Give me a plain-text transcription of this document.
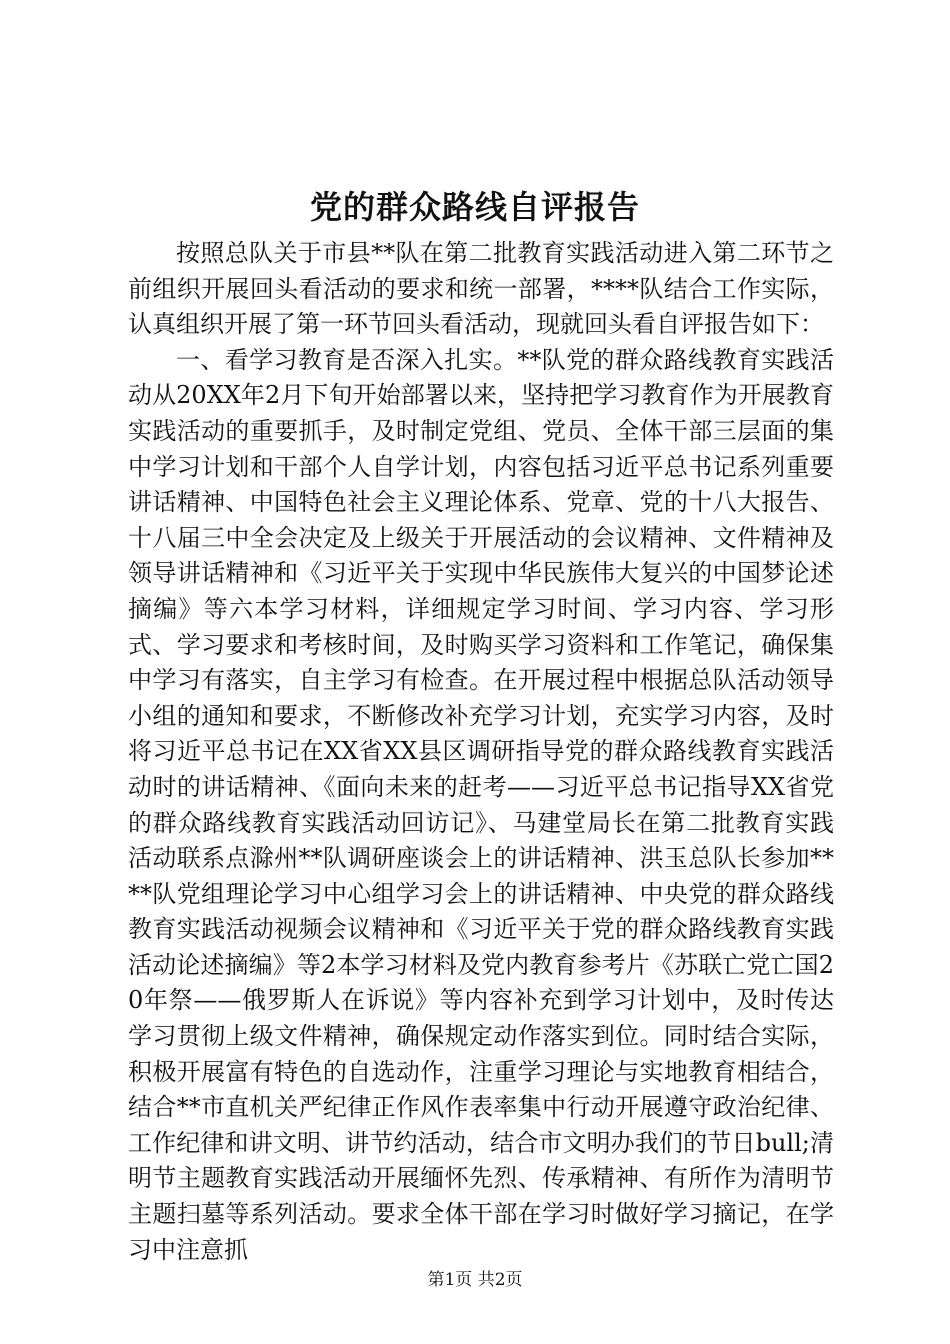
党的群众路线自评报告

按照总队关于市县**队在第二批教育实践活动进入第二环节之前组织开展回头看活动的要求和统一部署，****队结合工作实际，认真组织开展了第一环节回头看活动，现就回头看自评报告如下：

一、看学习教育是否深入扎实。**队党的群众路线教育实践活动从20XX年2月下旬开始部署以来，坚持把学习教育作为开展教育实践活动的重要抓手，及时制定党组、党员、全体干部三层面的集中学习计划和干部个人自学计划，内容包括习近平总书记系列重要讲话精神、中国特色社会主义理论体系、党章、党的十八大报告、十八届三中全会决定及上级关于开展活动的会议精神、文件精神及领导讲话精神和《习近平关于实现中华民族伟大复兴的中国梦论述摘编》等六本学习材料，详细规定学习时间、学习内容、学习形式、学习要求和考核时间，及时购买学习资料和工作笔记，确保集中学习有落实，自主学习有检查。在开展过程中根据总队活动领导小组的通知和要求，不断修改补充学习计划，充实学习内容，及时将习近平总书记在XX省XX县区调研指导党的群众路线教育实践活动时的讲话精神、《面向未来的赶考——习近平总书记指导XX省党的群众路线教育实践活动回访记》、马建堂局长在第二批教育实践活动联系点滁州**队调研座谈会上的讲话精神、洪玉总队长参加****队党组理论学习中心组学习会上的讲话精神、中央党的群众路线教育实践活动视频会议精神和《习近平关于党的群众路线教育实践活动论述摘编》等2本学习材料及党内教育参考片《苏联亡党亡国20年祭——俄罗斯人在诉说》等内容补充到学习计划中，及时传达学习贯彻上级文件精神，确保规定动作落实到位。同时结合实际，积极开展富有特色的自选动作，注重学习理论与实地教育相结合，结合**市直机关严纪律正作风作表率集中行动开展遵守政治纪律、工作纪律和讲文明、讲节约活动，结合市文明办我们的节日bull;清明节主题教育实践活动开展缅怀先烈、传承精神、有所作为清明节主题扫墓等系列活动。要求全体干部在学习时做好学习摘记，在学习中注意抓

第1页 共2页
